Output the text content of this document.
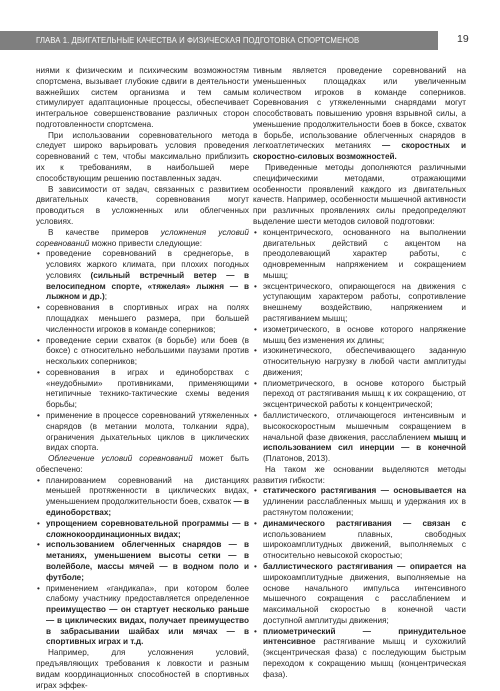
ГЛАВА 1. ДВИГАТЕЛЬНЫЕ КАЧЕСТВА И ФИЗИЧЕСКАЯ ПОДГОТОВКА СПОРТСМЕНОВ	19

ниями к физическим и психическим возможностям спортсмена, вызывает глубокие сдвиги в деятельности важнейших систем организма и тем самым стимулирует адаптационные процессы, обеспечивает интегральное совершенствование различных сторон подготовленности спортсмена.

При использовании соревновательного метода следует широко варьировать условия проведения соревнований с тем, чтобы максимально приблизить их к требованиям, в наибольшей мере способствующим решению поставленных задач.

В зависимости от задач, связанных с развитием двигательных качеств, соревнования могут проводиться в усложненных или облегченных условиях.

В качестве примеров усложнения условий соревнований можно привести следующие:

• проведение соревнований в среднегорье, в условиях жаркого климата, при плохих погодных условиях (сильный встречный ветер — в велосипедном спорте, «тяжелая» лыжня — в лыжном и др.);
• соревнования в спортивных играх на полях площадках меньшего размера, при большей численности игроков в команде соперников;
• проведение серии схваток (в борьбе) или боев (в боксе) с относительно небольшими паузами против нескольких соперников;
• соревнования в играх и единоборствах с «неудобными» противниками, применяющими нетипичные технико-тактические схемы ведения борьбы;
• применение в процессе соревнований утяжеленных снарядов (в метании молота, толкании ядра), ограничения дыхательных циклов в циклических видах спорта.

Облегчение условий соревнований может быть обеспечено:

• планированием соревнований на дистанциях меньшей протяженности в циклических видах, уменьшением продолжительности боев, схваток — в единоборствах;
• упрощением соревновательной программы — в сложнокоординационных видах;
• использованием облегченных снарядов — в метаниях, уменьшением высоты сетки — в волейболе, массы мячей — в водном поло и футболе;
• применением «гандикапа», при котором более слабому участнику предоставляется определенное преимущество — он стартует несколько раньше — в циклических видах, получает преимущество в забрасывании шайбах или мячах — в спортивных играх и т.д.

Например, для усложнения условий, предъявляющих требования к ловкости и разным видам координационных способностей в спортивных играх эффек-

тивным является проведение соревнований на уменьшенных площадках или увеличенным количеством игроков в команде соперников. Соревнования с утяжеленными снарядами могут способствовать повышению уровня взрывной силы, а уменьшение продолжительности боев в боксе, схваток в борьбе, использование облегченных снарядов в легкоатлетических метаниях — скоростных и скоростно-силовых возможностей.

Приведенные методы дополняются различными специфическими методами, отражающими особенности проявлений каждого из двигательных качеств. Например, особенности мышечной активности при различных проявлениях силы предопределяют выделение шести методов силовой подготовки:

• концентрического, основанного на выполнении двигательных действий с акцентом на преодолевающий характер работы, с одновременным напряжением и сокращением мышц;
• эксцентрического, опирающегося на движения с уступающим характером работы, сопротивление внешнему воздействию, напряжением и растягиванием мышц;
• изометрического, в основе которого напряжение мышц без изменения их длины;
• изокинетического, обеспечивающего заданную относительную нагрузку в любой части амплитуды движения;
• плиометрического, в основе которого быстрый переход от растягивания мышц к их сокращению, от эксцентрической работы к концентрической;
• баллистического, отличающегося интенсивным и высокоскоростным мышечным сокращением в начальной фазе движения, расслаблением мышц и использованием сил инерции — в конечной (Платонов, 2013).

На таком же основании выделяются методы развития гибкости:

• статического растягивания — основывается на удлинении расслабленных мышц и удержания их в растянутом положении;
• динамического растягивания — связан с использованием плавных, свободных широкоамплитудных движений, выполняемых с относительно невысокой скоростью;
• баллистического растягивания — опирается на широкоамплитудные движения, выполняемые на основе начального импульса интенсивного мышечного сокращения с расслаблением и максимальной скоростью в конечной части доступной амплитуды движения;
• плиометрический — принудительное интенсивное растягивание мышц и сухожилий (эксцентрическая фаза) с последующим быстрым переходом к сокращению мышц (концентрическая фаза).
